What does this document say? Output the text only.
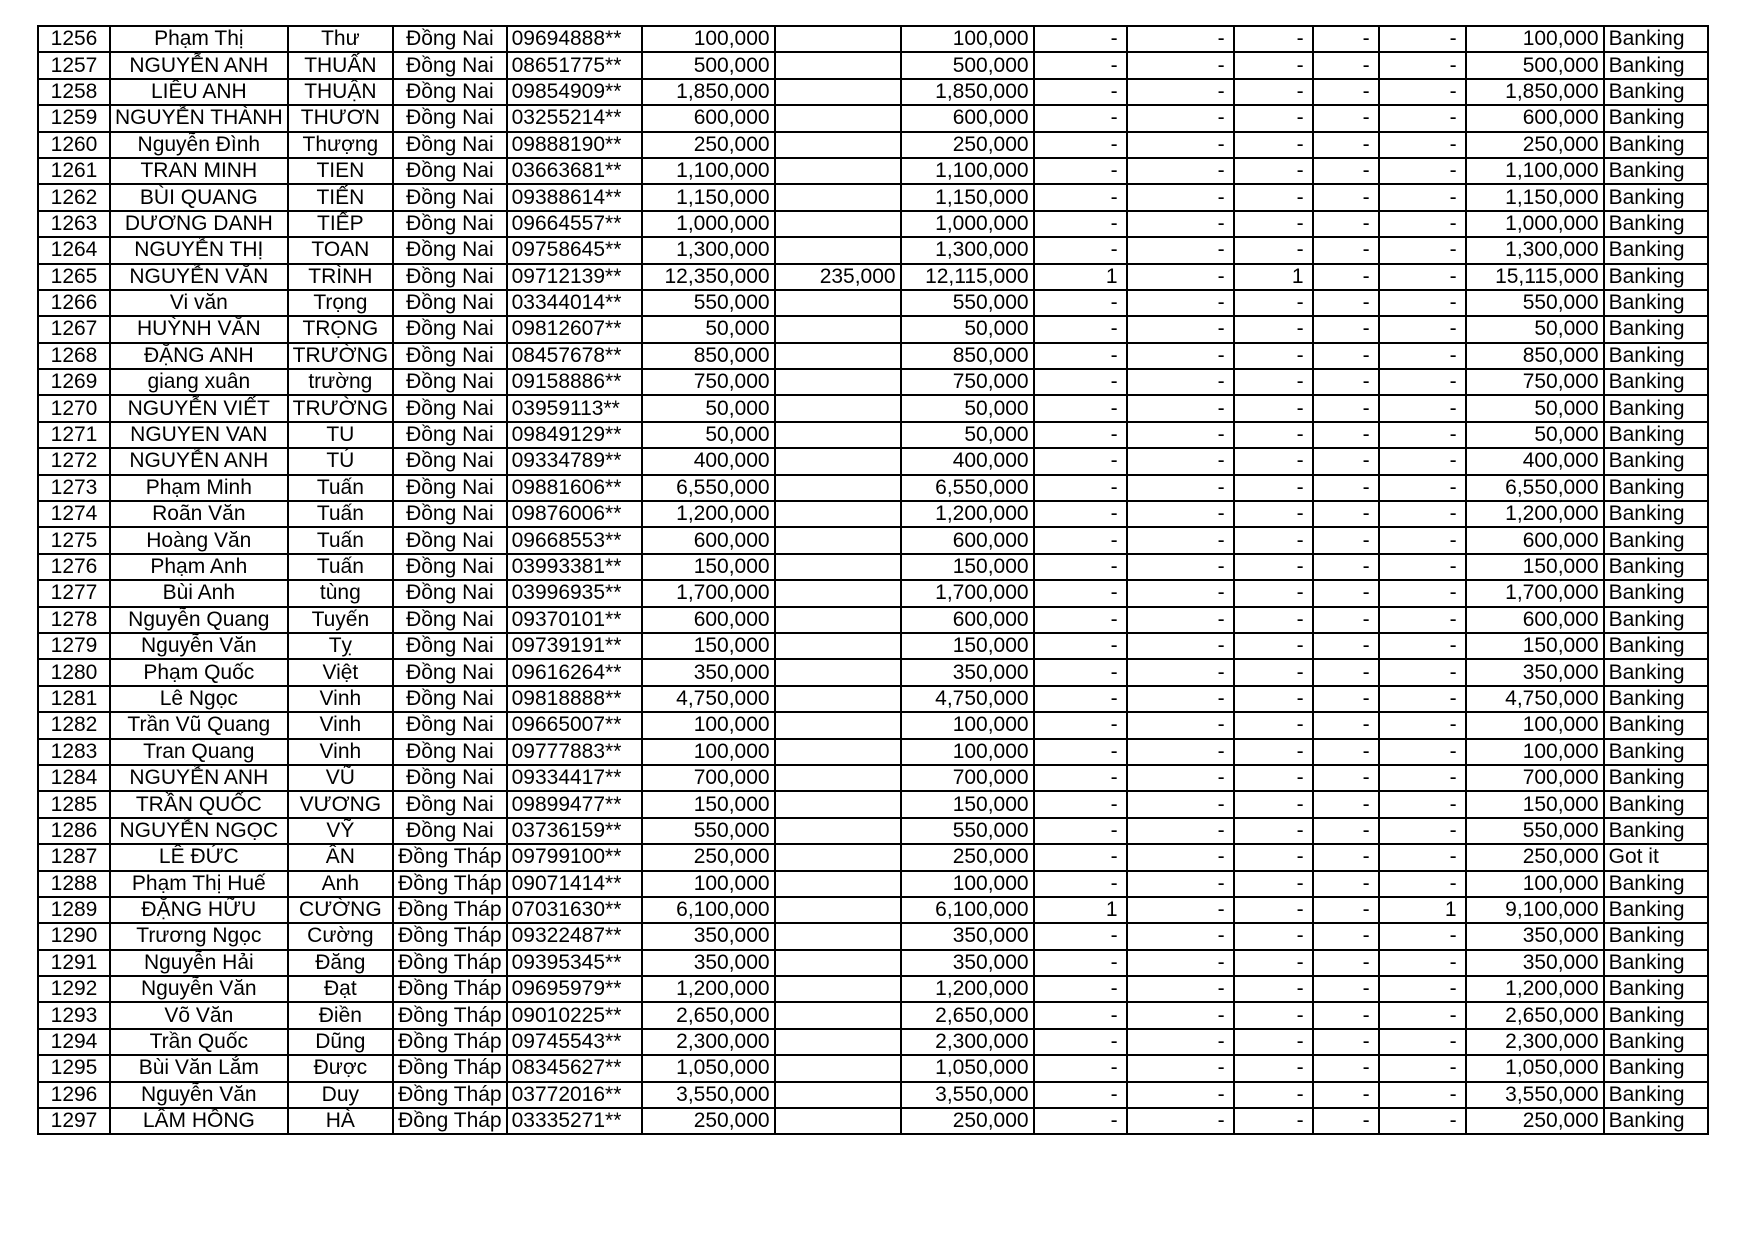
1256	Phạm Thị	Thư	Đồng Nai	09694888**	100,000		100,000	-	-	-	-	-	100,000	Banking
1257	NGUYỄN ANH	THUẤN	Đồng Nai	08651775**	500,000		500,000	-	-	-	-	-	500,000	Banking
1258	LIÊU ANH	THUẬN	Đồng Nai	09854909**	1,850,000		1,850,000	-	-	-	-	-	1,850,000	Banking
1259	NGUYỄN THÀNH	THƯƠN	Đồng Nai	03255214**	600,000		600,000	-	-	-	-	-	600,000	Banking
1260	Nguyễn Đình	Thượng	Đồng Nai	09888190**	250,000		250,000	-	-	-	-	-	250,000	Banking
1261	TRAN MINH	TIEN	Đồng Nai	03663681**	1,100,000		1,100,000	-	-	-	-	-	1,100,000	Banking
1262	BÙI QUANG	TIẾN	Đồng Nai	09388614**	1,150,000		1,150,000	-	-	-	-	-	1,150,000	Banking
1263	DƯƠNG DANH	TIẾP	Đồng Nai	09664557**	1,000,000		1,000,000	-	-	-	-	-	1,000,000	Banking
1264	NGUYỄN THỊ	TOAN	Đồng Nai	09758645**	1,300,000		1,300,000	-	-	-	-	-	1,300,000	Banking
1265	NGUYỄN VĂN	TRÌNH	Đồng Nai	09712139**	12,350,000	235,000	12,115,000	1	-	1	-	-	15,115,000	Banking
1266	Vi văn	Trọng	Đồng Nai	03344014**	550,000		550,000	-	-	-	-	-	550,000	Banking
1267	HUỲNH VĂN	TRỌNG	Đồng Nai	09812607**	50,000		50,000	-	-	-	-	-	50,000	Banking
1268	ĐẶNG ANH	TRƯỜNG	Đồng Nai	08457678**	850,000		850,000	-	-	-	-	-	850,000	Banking
1269	giang xuân	trường	Đồng Nai	09158886**	750,000		750,000	-	-	-	-	-	750,000	Banking
1270	NGUYỄN VIẾT	TRƯỜNG	Đồng Nai	03959113**	50,000		50,000	-	-	-	-	-	50,000	Banking
1271	NGUYEN VAN	TU	Đồng Nai	09849129**	50,000		50,000	-	-	-	-	-	50,000	Banking
1272	NGUYỄN ANH	TÚ	Đồng Nai	09334789**	400,000		400,000	-	-	-	-	-	400,000	Banking
1273	Phạm Minh	Tuấn	Đồng Nai	09881606**	6,550,000		6,550,000	-	-	-	-	-	6,550,000	Banking
1274	Roãn Văn	Tuấn	Đồng Nai	09876006**	1,200,000		1,200,000	-	-	-	-	-	1,200,000	Banking
1275	Hoàng Văn	Tuấn	Đồng Nai	09668553**	600,000		600,000	-	-	-	-	-	600,000	Banking
1276	Phạm Anh	Tuấn	Đồng Nai	03993381**	150,000		150,000	-	-	-	-	-	150,000	Banking
1277	Bùi Anh	tùng	Đồng Nai	03996935**	1,700,000		1,700,000	-	-	-	-	-	1,700,000	Banking
1278	Nguyễn Quang	Tuyến	Đồng Nai	09370101**	600,000		600,000	-	-	-	-	-	600,000	Banking
1279	Nguyễn Văn	Tỵ	Đồng Nai	09739191**	150,000		150,000	-	-	-	-	-	150,000	Banking
1280	Phạm Quốc	Việt	Đồng Nai	09616264**	350,000		350,000	-	-	-	-	-	350,000	Banking
1281	Lê Ngọc	Vinh	Đồng Nai	09818888**	4,750,000		4,750,000	-	-	-	-	-	4,750,000	Banking
1282	Trần Vũ Quang	Vinh	Đồng Nai	09665007**	100,000		100,000	-	-	-	-	-	100,000	Banking
1283	Tran Quang	Vinh	Đồng Nai	09777883**	100,000		100,000	-	-	-	-	-	100,000	Banking
1284	NGUYỄN ANH	VŨ	Đồng Nai	09334417**	700,000		700,000	-	-	-	-	-	700,000	Banking
1285	TRẦN QUỐC	VƯƠNG	Đồng Nai	09899477**	150,000		150,000	-	-	-	-	-	150,000	Banking
1286	NGUYỄN NGỌC	VỸ	Đồng Nai	03736159**	550,000		550,000	-	-	-	-	-	550,000	Banking
1287	LÊ ĐỨC	ÂN	Đồng Tháp	09799100**	250,000		250,000	-	-	-	-	-	250,000	Got it
1288	Phạm Thị Huế	Anh	Đồng Tháp	09071414**	100,000		100,000	-	-	-	-	-	100,000	Banking
1289	ĐẶNG HỮU	CƯỜNG	Đồng Tháp	07031630**	6,100,000		6,100,000	1	-	-	-	1	9,100,000	Banking
1290	Trương Ngọc	Cường	Đồng Tháp	09322487**	350,000		350,000	-	-	-	-	-	350,000	Banking
1291	Nguyễn Hải	Đăng	Đồng Tháp	09395345**	350,000		350,000	-	-	-	-	-	350,000	Banking
1292	Nguyễn Văn	Đạt	Đồng Tháp	09695979**	1,200,000		1,200,000	-	-	-	-	-	1,200,000	Banking
1293	Võ Văn	Điền	Đồng Tháp	09010225**	2,650,000		2,650,000	-	-	-	-	-	2,650,000	Banking
1294	Trần Quốc	Dũng	Đồng Tháp	09745543**	2,300,000		2,300,000	-	-	-	-	-	2,300,000	Banking
1295	Bùi Văn Lắm	Được	Đồng Tháp	08345627**	1,050,000		1,050,000	-	-	-	-	-	1,050,000	Banking
1296	Nguyễn Văn	Duy	Đồng Tháp	03772016**	3,550,000		3,550,000	-	-	-	-	-	3,550,000	Banking
1297	LÂM HỒNG	HÀ	Đồng Tháp	03335271**	250,000		250,000	-	-	-	-	-	250,000	Banking
